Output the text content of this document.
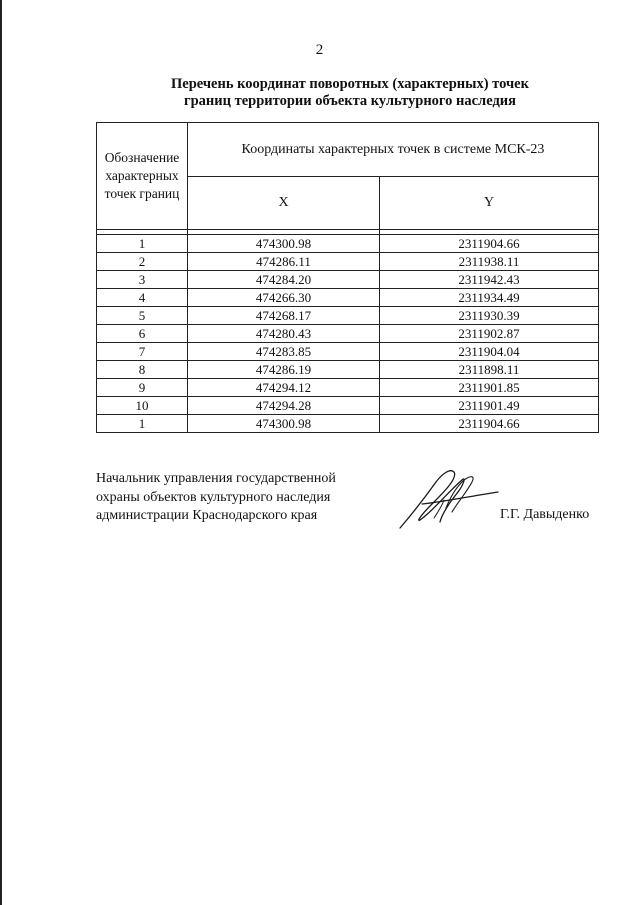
2
Перечень координат поворотных (характерных) точек
границ территории объекта культурного наследия
Обозначение
характерных
точек границ	Координаты характерных точек в системе МСК-23	
	X	Y

1	474300.98	2311904.66
2	474286.11	2311938.11
3	474284.20	2311942.43
4	474266.30	2311934.49
5	474268.17	2311930.39
6	474280.43	2311902.87
7	474283.85	2311904.04
8	474286.19	2311898.11
9	474294.12	2311901.85
10	474294.28	2311901.49
1	474300.98	2311904.66
Начальник управления государственной
охраны объектов культурного наследия
администрации Краснодарского края	Г.Г. Давыденко
